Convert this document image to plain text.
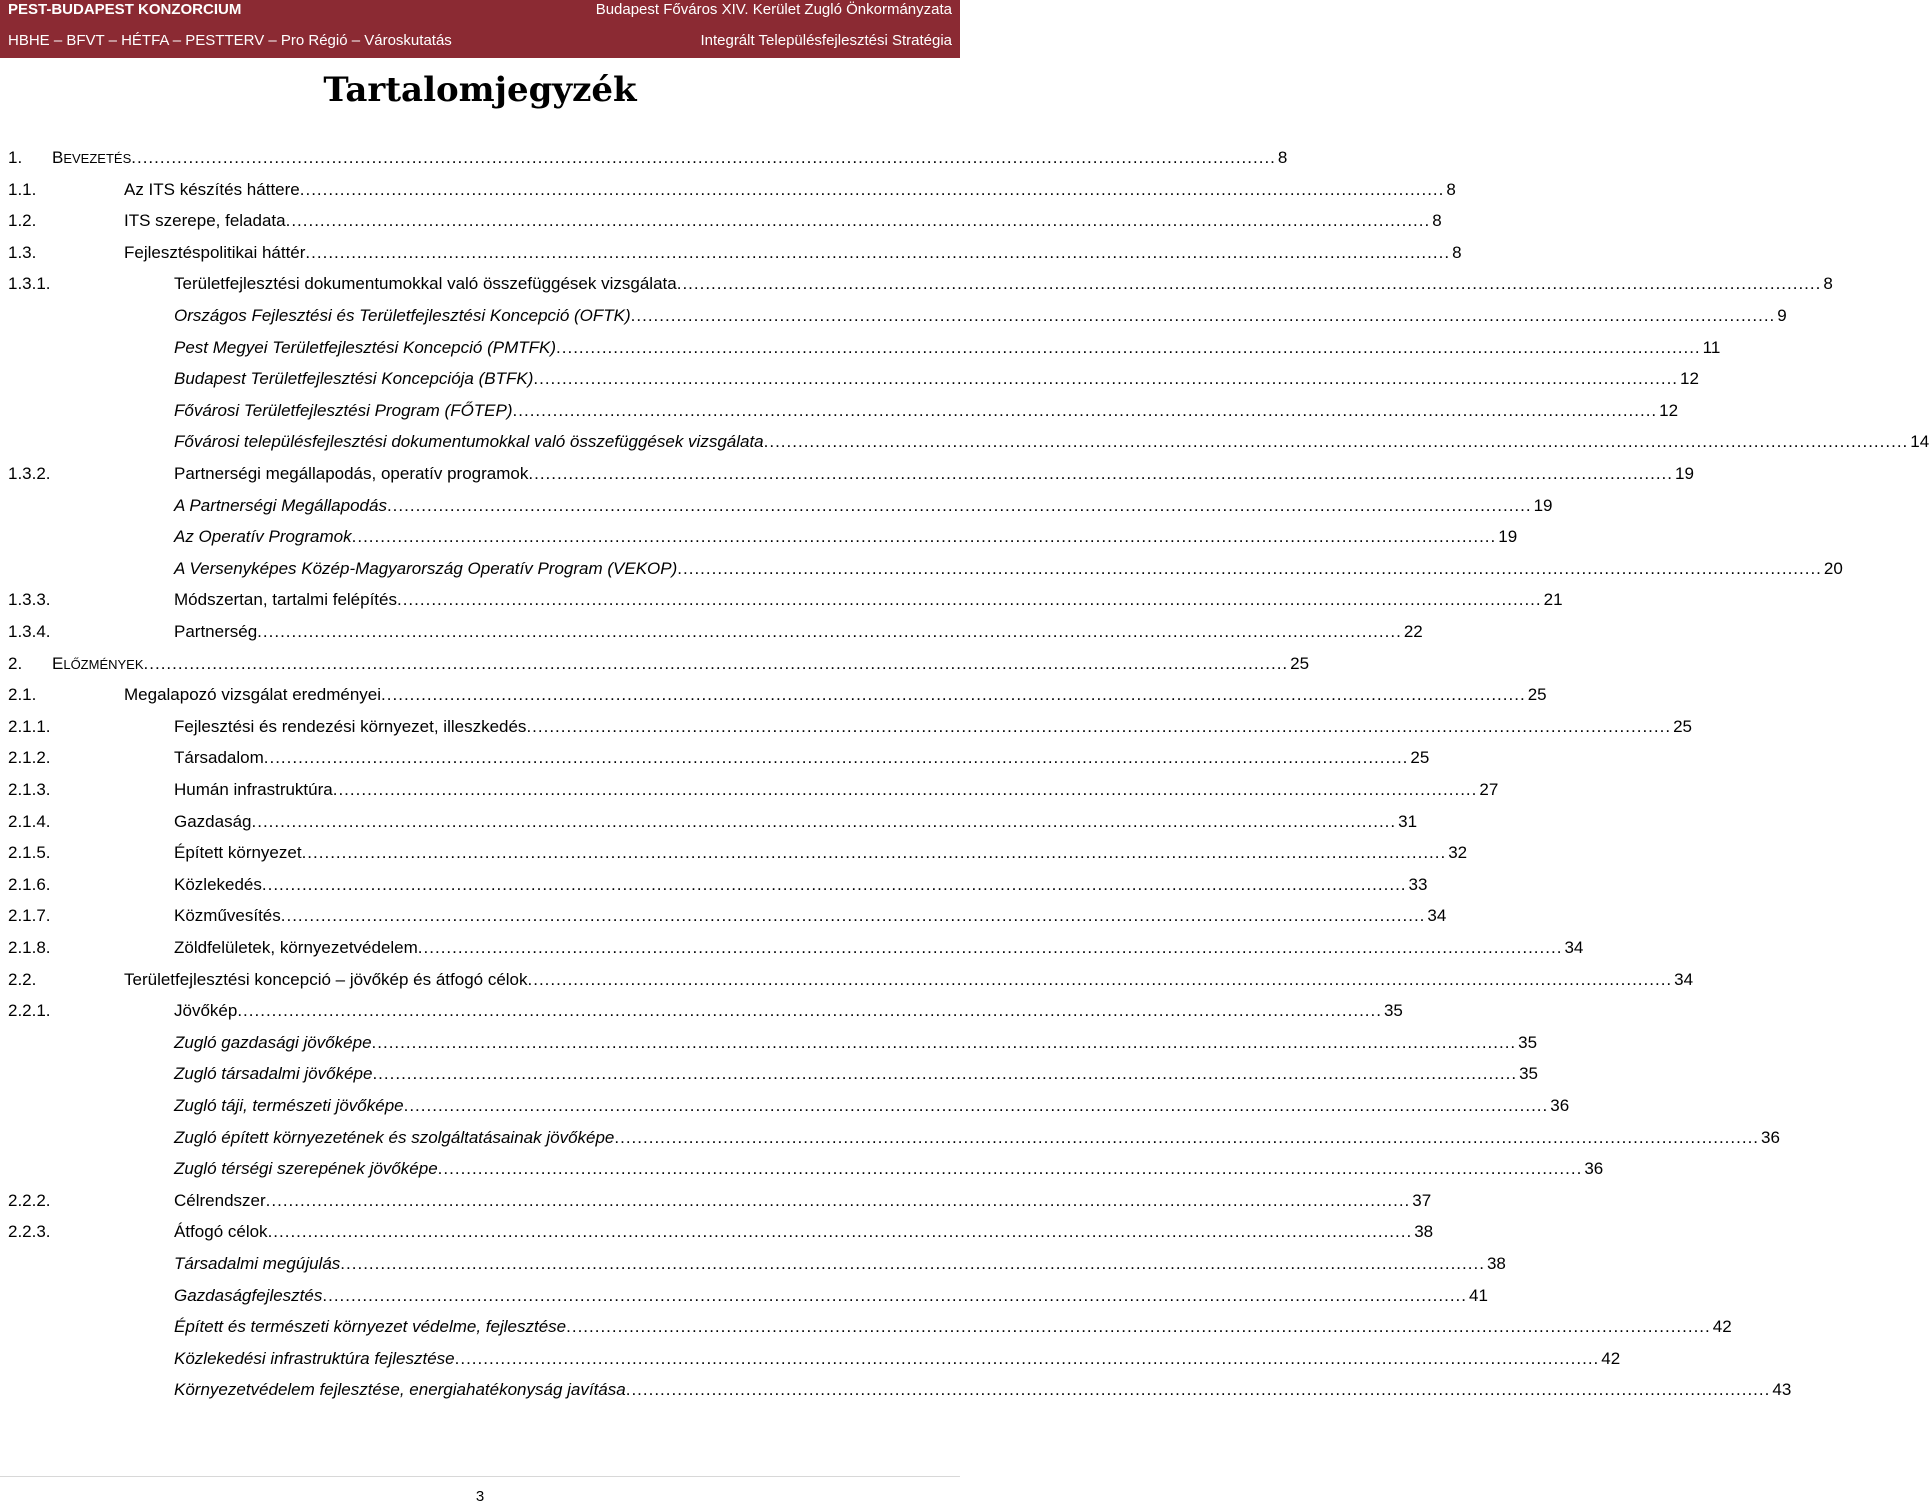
PEST-BUDAPEST KONZORCIUM	Budapest Főváros XIV. Kerület Zugló Önkormányzata
HBHE – BFVT – HÉTFA – PESTTERV – Pro Régió – Városkutatás	Integrált Településfejlesztési Stratégia
Tartalomjegyzék
1. BEVEZETÉS ........................................................................................................................................................................................................ 8
1.1.	Az ITS készítés háttere ........................................................................................................................................................................................................ 8
1.2.	ITS szerepe, feladata ........................................................................................................................................................................................................ 8
1.3.	Fejlesztéspolitikai háttér ........................................................................................................................................................................................................ 8
1.3.1.	Területfejlesztési dokumentumokkal való összefüggések vizsgálata ........................................................................................................................................................................................................ 8
Országos Fejlesztési és Területfejlesztési Koncepció (OFTK) ........................................................................................................................................................................................................ 9
Pest Megyei Területfejlesztési Koncepció (PMTFK) ........................................................................................................................................................................................................ 11
Budapest Területfejlesztési Koncepciója (BTFK) ........................................................................................................................................................................................................ 12
Fővárosi Területfejlesztési Program (FŐTEP) ........................................................................................................................................................................................................ 12
Fővárosi településfejlesztési dokumentumokkal való összefüggések vizsgálata ........................................................................................................................................................................................................ 14
1.3.2.	Partnerségi megállapodás, operatív programok ........................................................................................................................................................................................................ 19
A Partnerségi Megállapodás ........................................................................................................................................................................................................ 19
Az Operatív Programok ........................................................................................................................................................................................................ 19
A Versenyképes Közép-Magyarország Operatív Program (VEKOP) ........................................................................................................................................................................................................ 20
1.3.3.	Módszertan, tartalmi felépítés ........................................................................................................................................................................................................ 21
1.3.4.	Partnerség ........................................................................................................................................................................................................ 22
2. ELŐZMÉNYEK ........................................................................................................................................................................................................ 25
2.1.	Megalapozó vizsgálat eredményei ........................................................................................................................................................................................................ 25
2.1.1.	Fejlesztési és rendezési környezet, illeszkedés ........................................................................................................................................................................................................ 25
2.1.2.	Társadalom ........................................................................................................................................................................................................ 25
2.1.3.	Humán infrastruktúra ........................................................................................................................................................................................................ 27
2.1.4.	Gazdaság ........................................................................................................................................................................................................ 31
2.1.5.	Épített környezet ........................................................................................................................................................................................................ 32
2.1.6.	Közlekedés ........................................................................................................................................................................................................ 33
2.1.7.	Közművesítés ........................................................................................................................................................................................................ 34
2.1.8.	Zöldfelületek, környezetvédelem ........................................................................................................................................................................................................ 34
2.2.	Területfejlesztési koncepció – jövőkép és átfogó célok ........................................................................................................................................................................................................ 34
2.2.1.	Jövőkép ........................................................................................................................................................................................................ 35
Zugló gazdasági jövőképe ........................................................................................................................................................................................................ 35
Zugló társadalmi jövőképe ........................................................................................................................................................................................................ 35
Zugló táji, természeti jövőképe ........................................................................................................................................................................................................ 36
Zugló épített környezetének és szolgáltatásainak jövőképe ........................................................................................................................................................................................................ 36
Zugló térségi szerepének jövőképe ........................................................................................................................................................................................................ 36
2.2.2.	Célrendszer ........................................................................................................................................................................................................ 37
2.2.3.	Átfogó célok ........................................................................................................................................................................................................ 38
Társadalmi megújulás ........................................................................................................................................................................................................ 38
Gazdaságfejlesztés ........................................................................................................................................................................................................ 41
Épített és természeti környezet védelme, fejlesztése ........................................................................................................................................................................................................ 42
Közlekedési infrastruktúra fejlesztése ........................................................................................................................................................................................................ 42
Környezetvédelem fejlesztése, energiahatékonyság javítása ........................................................................................................................................................................................................ 43
3
